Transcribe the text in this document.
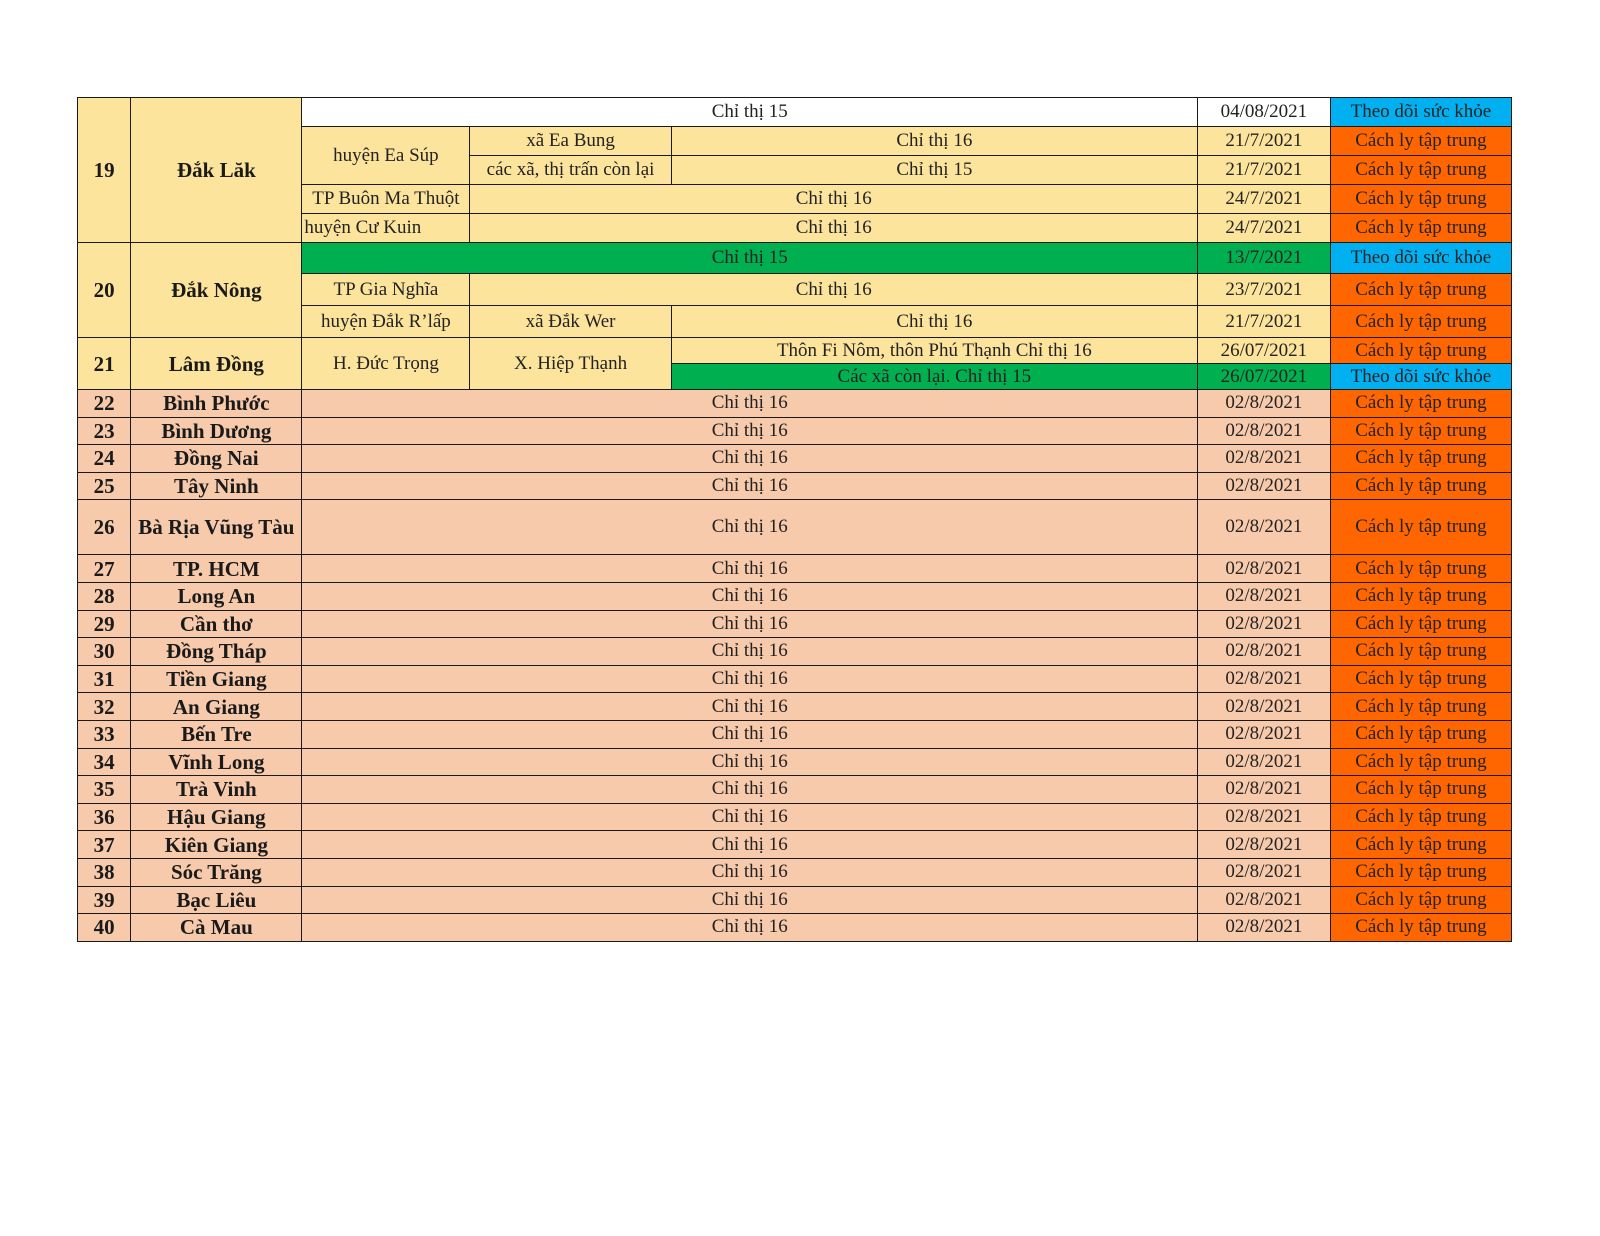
19	Đắk Lăk	Chỉ thị 15			04/08/2021	Theo dõi sức khỏe
		huyện Ea Súp	xã Ea Bung	Chỉ thị 16	21/7/2021	Cách ly tập trung
			các xã, thị trấn còn lại	Chỉ thị 15	21/7/2021	Cách ly tập trung
		TP Buôn Ma Thuột	Chỉ thị 16		24/7/2021	Cách ly tập trung
		huyện Cư Kuin	Chỉ thị 16		24/7/2021	Cách ly tập trung
20	Đắk Nông	Chỉ thị 15			13/7/2021	Theo dõi sức khỏe
		TP Gia Nghĩa	Chỉ thị 16		23/7/2021	Cách ly tập trung
		huyện Đắk R’lấp	xã Đắk Wer	Chỉ thị 16	21/7/2021	Cách ly tập trung
21	Lâm Đồng	H. Đức Trọng	X. Hiệp Thạnh	Thôn Fi Nôm, thôn Phú Thạnh Chỉ thị 16	26/07/2021	Cách ly tập trung
				Các xã còn lại. Chỉ thị 15	26/07/2021	Theo dõi sức khỏe
22	Bình Phước	Chỉ thị 16			02/8/2021	Cách ly tập trung
23	Bình Dương	Chỉ thị 16			02/8/2021	Cách ly tập trung
24	Đồng Nai	Chỉ thị 16			02/8/2021	Cách ly tập trung
25	Tây Ninh	Chỉ thị 16			02/8/2021	Cách ly tập trung
26	Bà Rịa Vũng Tàu	Chỉ thị 16			02/8/2021	Cách ly tập trung
27	TP. HCM	Chỉ thị 16			02/8/2021	Cách ly tập trung
28	Long An	Chỉ thị 16			02/8/2021	Cách ly tập trung
29	Cần thơ	Chỉ thị 16			02/8/2021	Cách ly tập trung
30	Đồng Tháp	Chỉ thị 16			02/8/2021	Cách ly tập trung
31	Tiền Giang	Chỉ thị 16			02/8/2021	Cách ly tập trung
32	An Giang	Chỉ thị 16			02/8/2021	Cách ly tập trung
33	Bến Tre	Chỉ thị 16			02/8/2021	Cách ly tập trung
34	Vĩnh Long	Chỉ thị 16			02/8/2021	Cách ly tập trung
35	Trà Vinh	Chỉ thị 16			02/8/2021	Cách ly tập trung
36	Hậu Giang	Chỉ thị 16			02/8/2021	Cách ly tập trung
37	Kiên Giang	Chỉ thị 16			02/8/2021	Cách ly tập trung
38	Sóc Trăng	Chỉ thị 16			02/8/2021	Cách ly tập trung
39	Bạc Liêu	Chỉ thị 16			02/8/2021	Cách ly tập trung
40	Cà Mau	Chỉ thị 16			02/8/2021	Cách ly tập trung
